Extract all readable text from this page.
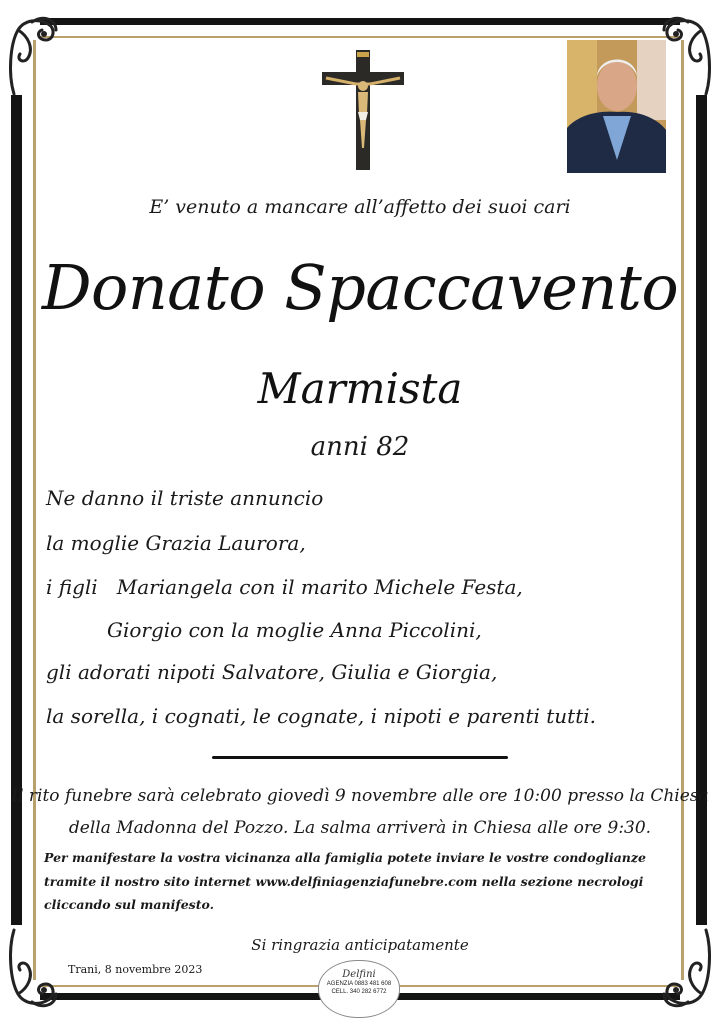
E’ venuto a mancare all’affetto dei suoi cari
Donato Spaccavento
Marmista
anni 82
Ne danno il triste annuncio
la moglie Grazia Laurora,
i figli   Mariangela con il marito Michele Festa,
Giorgio con la moglie Anna Piccolini,
gli adorati nipoti Salvatore, Giulia e Giorgia,
la sorella, i cognati, le cognate, i nipoti e parenti tutti.
Il rito funebre sarà celebrato giovedì 9 novembre alle ore 10:00 presso la Chiesa
della Madonna del Pozzo. La salma arriverà in Chiesa alle ore 9:30.
Per manifestare la vostra vicinanza alla famiglia potete inviare le vostre condoglianze
tramite il nostro sito internet www.delfiniagenziafunebre.com nella sezione necrologi
cliccando sul manifesto.
Si ringrazia anticipatamente
Trani, 8 novembre 2023	Delfini
AGENZIA 0883 481 608
CELL. 340 282 6772
